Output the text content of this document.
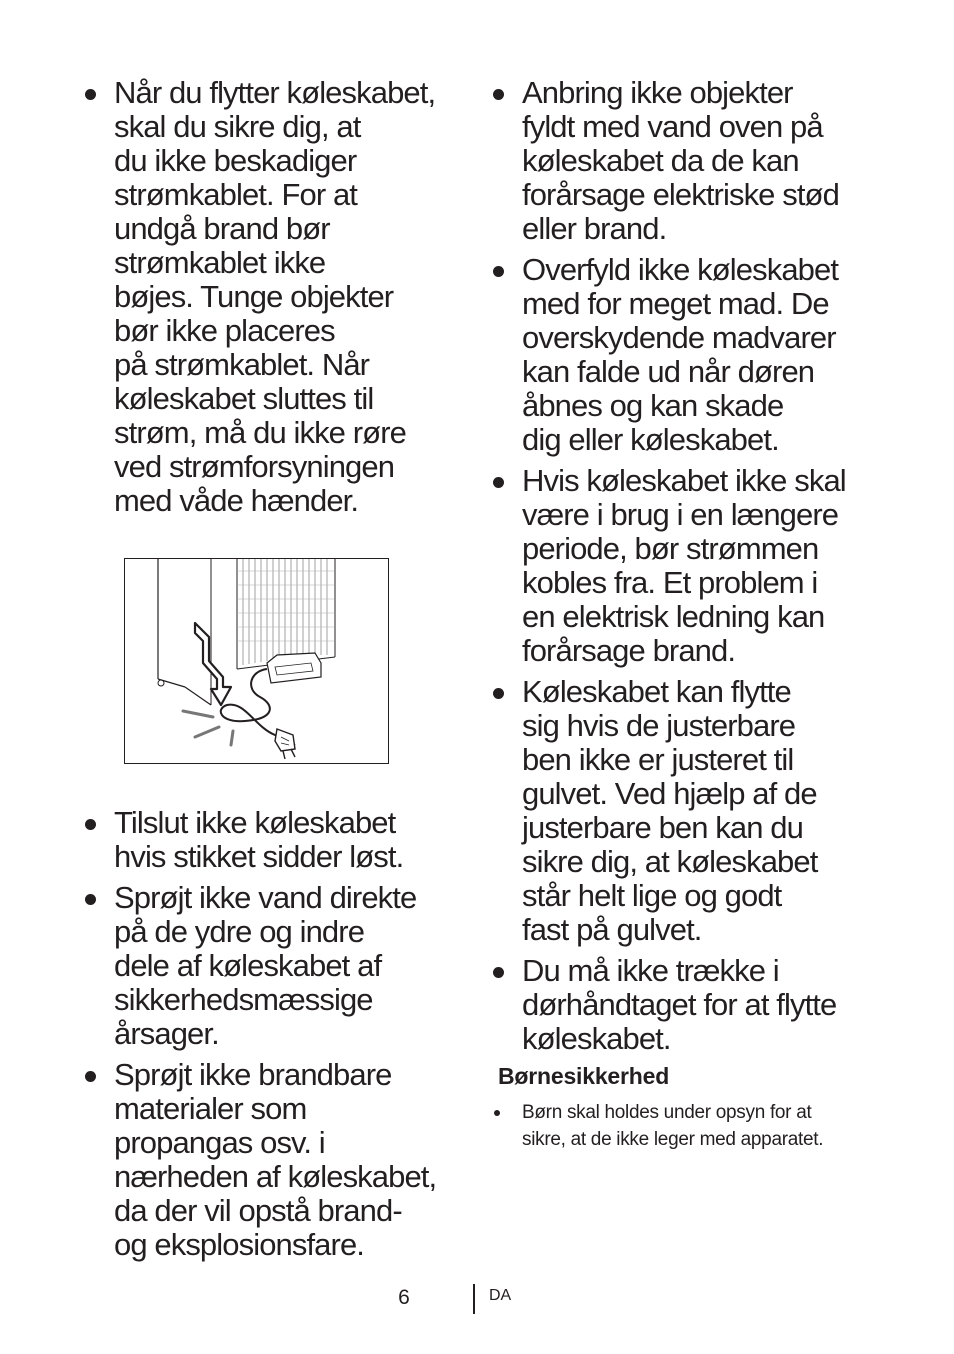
Når du flytter køleskabet,
skal du sikre dig, at
du ikke beskadiger
strømkablet. For at
undgå brand bør
strømkablet ikke
bøjes. Tunge objekter
bør ikke placeres
på strømkablet. Når
køleskabet sluttes til
strøm, må du ikke røre
ved strømforsyningen
med våde hænder.
Tilslut ikke køleskabet
hvis stikket sidder løst.
Sprøjt ikke vand direkte
på de ydre og indre
dele af køleskabet af
sikkerhedsmæssige
årsager.
Sprøjt ikke brandbare
materialer som
propangas osv. i
nærheden af køleskabet,
da der vil opstå brand-
og eksplosionsfare.
Anbring ikke objekter
fyldt med vand oven på
køleskabet da de kan
forårsage elektriske stød
eller brand.
Overfyld ikke køleskabet
med for meget mad. De
overskydende madvarer
kan falde ud når døren
åbnes og kan skade
dig eller køleskabet.
Hvis køleskabet ikke skal
være i brug i en længere
periode, bør strømmen
kobles fra. Et problem i
en elektrisk ledning kan
forårsage brand.
Køleskabet kan flytte
sig hvis de justerbare
ben ikke er justeret til
gulvet. Ved hjælp af de
justerbare ben kan du
sikre dig, at køleskabet
står helt lige og godt
fast på gulvet.
Du må ikke trække i
dørhåndtaget for at flytte
køleskabet.
Børnesikkerhed
Børn skal holdes under opsyn for at
sikre, at de ikke leger med apparatet.
6	DA
